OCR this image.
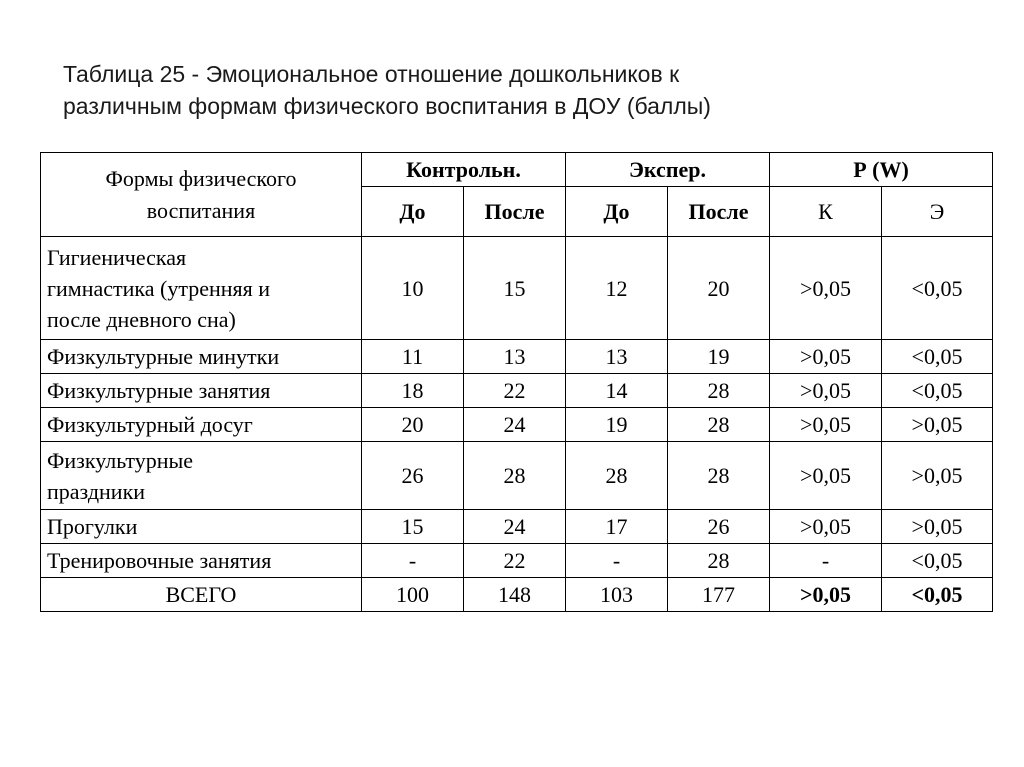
Таблица 25 - Эмоциональное отношение дошкольников к
различным формам физического воспитания в ДОУ (баллы)
Формы физического
воспитания	Контрольн.		Экспер.		Р (W)	
	До	После	До	После	К	Э

Гигиеническая
гимнастика (утренняя и
после дневного сна)	10	15	12	20	>0,05	<0,05
Физкультурные минутки	11	13	13	19	>0,05	<0,05
Физкультурные занятия	18	22	14	28	>0,05	<0,05
Физкультурный досуг	20	24	19	28	>0,05	>0,05

Физкультурные
праздники	26	28	28	28	>0,05	>0,05
Прогулки	15	24	17	26	>0,05	>0,05
Тренировочные занятия	-	22	-	28	-	<0,05
ВСЕГО	100	148	103	177	>0,05	<0,05
